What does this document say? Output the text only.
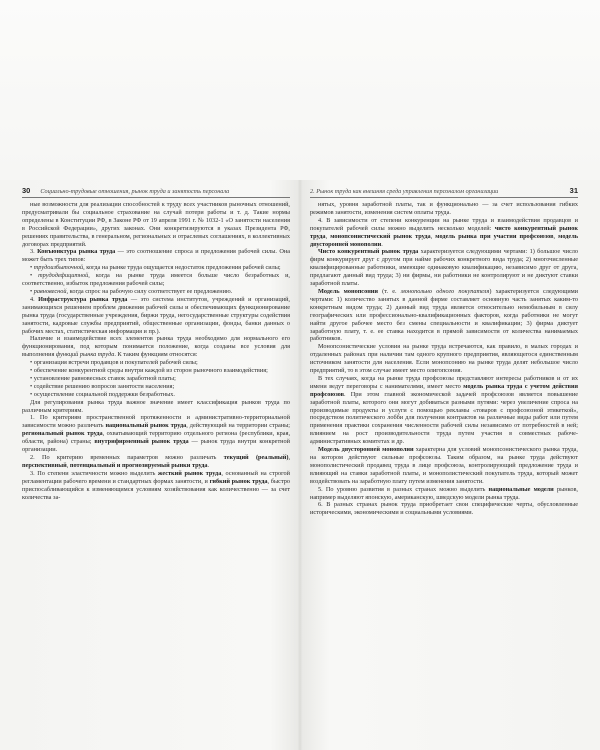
30	Социально-трудовые отношения, рынок труда и занятость персонала

ные возможности для реализации способностей к труду всех участников рыночных отношений, предусматривали бы социальное страхование на случай потери работы и т. д. Такие нормы определены в Конституции РФ, в Законе РФ от 19 апреля 1991 г. № 1032-1 «О занятости населения в Российской Федерации», других законах. Они конкретизируются в указах Президента РФ, решениях правительства, в генеральном, региональных и отраслевых соглашениях, в коллективных договорах предприятий.

3. Конъюнктура рынка труда — это соотношение спроса и предложения рабочей силы. Она может быть трех типов:

• трудоизбыточной, когда на рынке труда ощущается недостаток предложения рабочей силы;

• трудодефицитной, когда на рынке труда имеется больше число безработных и, соответственно, избыток предложения рабочей силы;

• равновесной, когда спрос на рабочую силу соответствует ее предложению.

4. Инфраструктура рынка труда — это система институтов, учреждений и организаций, занимающихся решением проблем движения рабочей силы и обеспечивающих функционирование рынка труда (государственные учреждения, биржи труда, негосударственные структуры содействия занятости, кадровые службы предприятий, общественные организации, фонды, банки данных о рабочих местах, статистическая информация и пр.).

Наличие и взаимодействие всех элементов рынка труда необходимо для нормального его функционирования, под которым понимается положение, когда созданы все условия для выполнения функций рынка труда. К таким функциям относятся:

• организация встречи продавцов и покупателей рабочей силы;

• обеспечение конкурентной среды внутри каждой из сторон рыночного взаимодействия;

• установление равновесных ставок заработной платы;

• содействие решению вопросов занятости населения;

• осуществление социальной поддержки безработных.

Для регулирования рынка труда важное значение имеет классификация рынков труда по различным критериям.

1. По критериям пространственной протяженности и административно-территориальной зависимости можно различать национальный рынок труда, действующий на территории страны; региональный рынок труда, охватывающий территорию отдельного региона (республики, края, области, района) страны; внутрифирменный рынок труда — рынок труда внутри конкретной организации.

2. По критерию временных параметров можно различать текущий (реальный), перспективный, потенциальный и прогнозируемый рынки труда.

3. По степени эластичности можно выделить жесткий рынок труда, основанный на строгой регламентации рабочего времени и стандартных формах занятости, и гибкий рынок труда, быстро приспосабливающийся к изменяющимся условиям хозяйствования как количественно — за счет количества за-

2. Рынок труда как внешняя среда управления персоналом организации	31

нятых, уровня заработной платы, так и функционально — за счет использования гибких режимов занятости, изменения систем оплаты труда.

4. В зависимости от степени конкуренции на рынке труда и взаимодействия продавцов и покупателей рабочей силы можно выделить несколько моделей: чисто конкурентный рынок труда, монопсонистический рынок труда, модель рынка при участии профсоюзов, модель двусторонней монополии.

Чисто конкурентный рынок труда характеризуется следующими чертами: 1) большое число фирм конкурирует друг с другом при найме рабочих конкретного вида труда; 2) многочисленные квалифицированные работники, имеющие одинаковую квалификацию, независимо друг от друга, предлагают данный вид труда; 3) ни фирмы, ни работники не контролируют и не диктуют ставки заработной платы.

Модель монопсонии (т. е. монопольно одного покупателя) характеризуется следующими чертами: 1) количество занятых в данной фирме составляет основную часть занятых каким-то конкретным видом труда; 2) данный вид труда является относительно немобильным в силу географических или профессионально-квалификационных факторов, когда работники не могут найти другое рабочее место без смены специальности и квалификации; 3) фирма диктует заработную плату, т. е. ее ставка находится в прямой зависимости от количества нанимаемых работников.

Монопсонистические условия на рынке труда встречаются, как правило, в малых городах и отдаленных районах при наличии там одного крупного предприятия, являющегося единственным источником занятости для населения. Если монопсонию на рынке труда делят небольшое число предприятий, то в этом случае имеет место олигопсония.

В тех случаях, когда на рынке труда профсоюзы представляют интересы работников и от их имени ведут переговоры с нанимателями, имеет место модель рынка труда с учетом действия профсоюзов. При этом главной экономической задачей профсоюзов является повышение заработной платы, которого они могут добиваться разными путями: через увеличение спроса на производимые продукты и услуги с помощью рекламы «товаров с профсоюзной этикеткой», посредством политического лобби для получения контрактов на различные виды работ или путем применения практики сохранения численности рабочей силы независимо от потребностей в ней; влиянием на рост производительности труда путем участия в совместных рабоче-административных комитетах и др.

Модель двусторонней монополии характерна для условий монопсонистического рынка труда, на котором действуют сильные профсоюзы. Таким образом, на рынке труда действуют монополистический продавец труда в лице профсоюза, контролирующий предложение труда и влияющий на ставки заработной платы, и монополистический покупатель труда, который может воздействовать на заработную плату путем изменения занятости.

5. По уровню развития в разных странах можно выделить национальные модели рынков, например выделяют японскую, американскую, шведскую модели рынка труда.

6. В разных странах рынок труда приобретает свои специфические черты, обусловленные историческими, экономическими и социальными условиями.
